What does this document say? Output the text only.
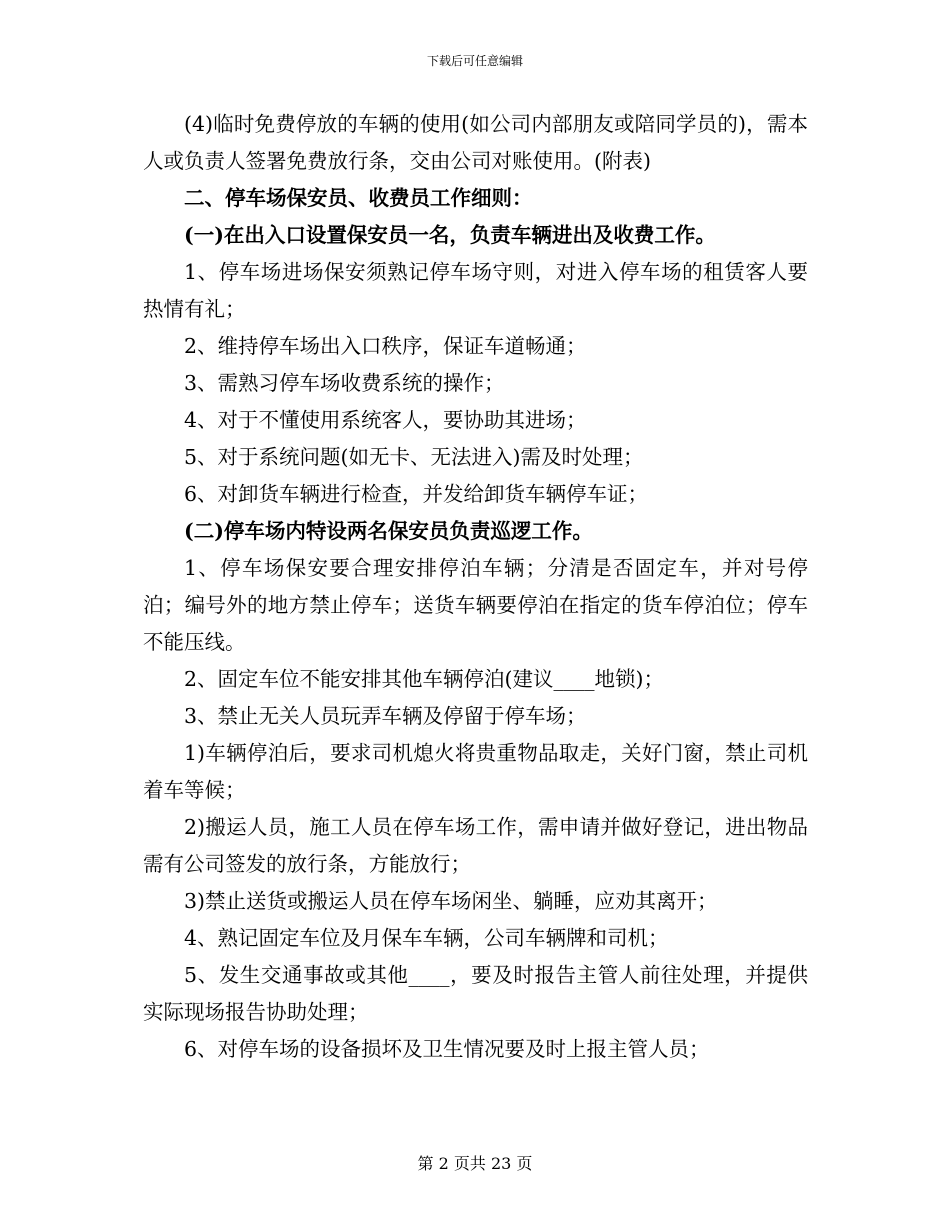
下载后可任意编辑

(4)临时免费停放的车辆的使用(如公司内部朋友或陪同学员的)，需本人或负责人签署免费放行条，交由公司对账使用。(附表)

二、停车场保安员、收费员工作细则：

(一)在出入口设置保安员一名，负责车辆进出及收费工作。

1、停车场进场保安须熟记停车场守则，对进入停车场的租赁客人要热情有礼；

2、维持停车场出入口秩序，保证车道畅通；

3、需熟习停车场收费系统的操作；

4、对于不懂使用系统客人，要协助其进场；

5、对于系统问题(如无卡、无法进入)需及时处理；

6、对卸货车辆进行检查，并发给卸货车辆停车证；

(二)停车场内特设两名保安员负责巡逻工作。

1、停车场保安要合理安排停泊车辆；分清是否固定车，并对号停泊；编号外的地方禁止停车；送货车辆要停泊在指定的货车停泊位；停车不能压线。

2、固定车位不能安排其他车辆停泊(建议____地锁)；

3、禁止无关人员玩弄车辆及停留于停车场；

1)车辆停泊后，要求司机熄火将贵重物品取走，关好门窗，禁止司机着车等候；

2)搬运人员，施工人员在停车场工作，需申请并做好登记，进出物品需有公司签发的放行条，方能放行；

3)禁止送货或搬运人员在停车场闲坐、躺睡，应劝其离开；

4、熟记固定车位及月保车车辆，公司车辆牌和司机；

5、发生交通事故或其他____，要及时报告主管人前往处理，并提供实际现场报告协助处理；

6、对停车场的设备损坏及卫生情况要及时上报主管人员；

第 2 页共 23 页
